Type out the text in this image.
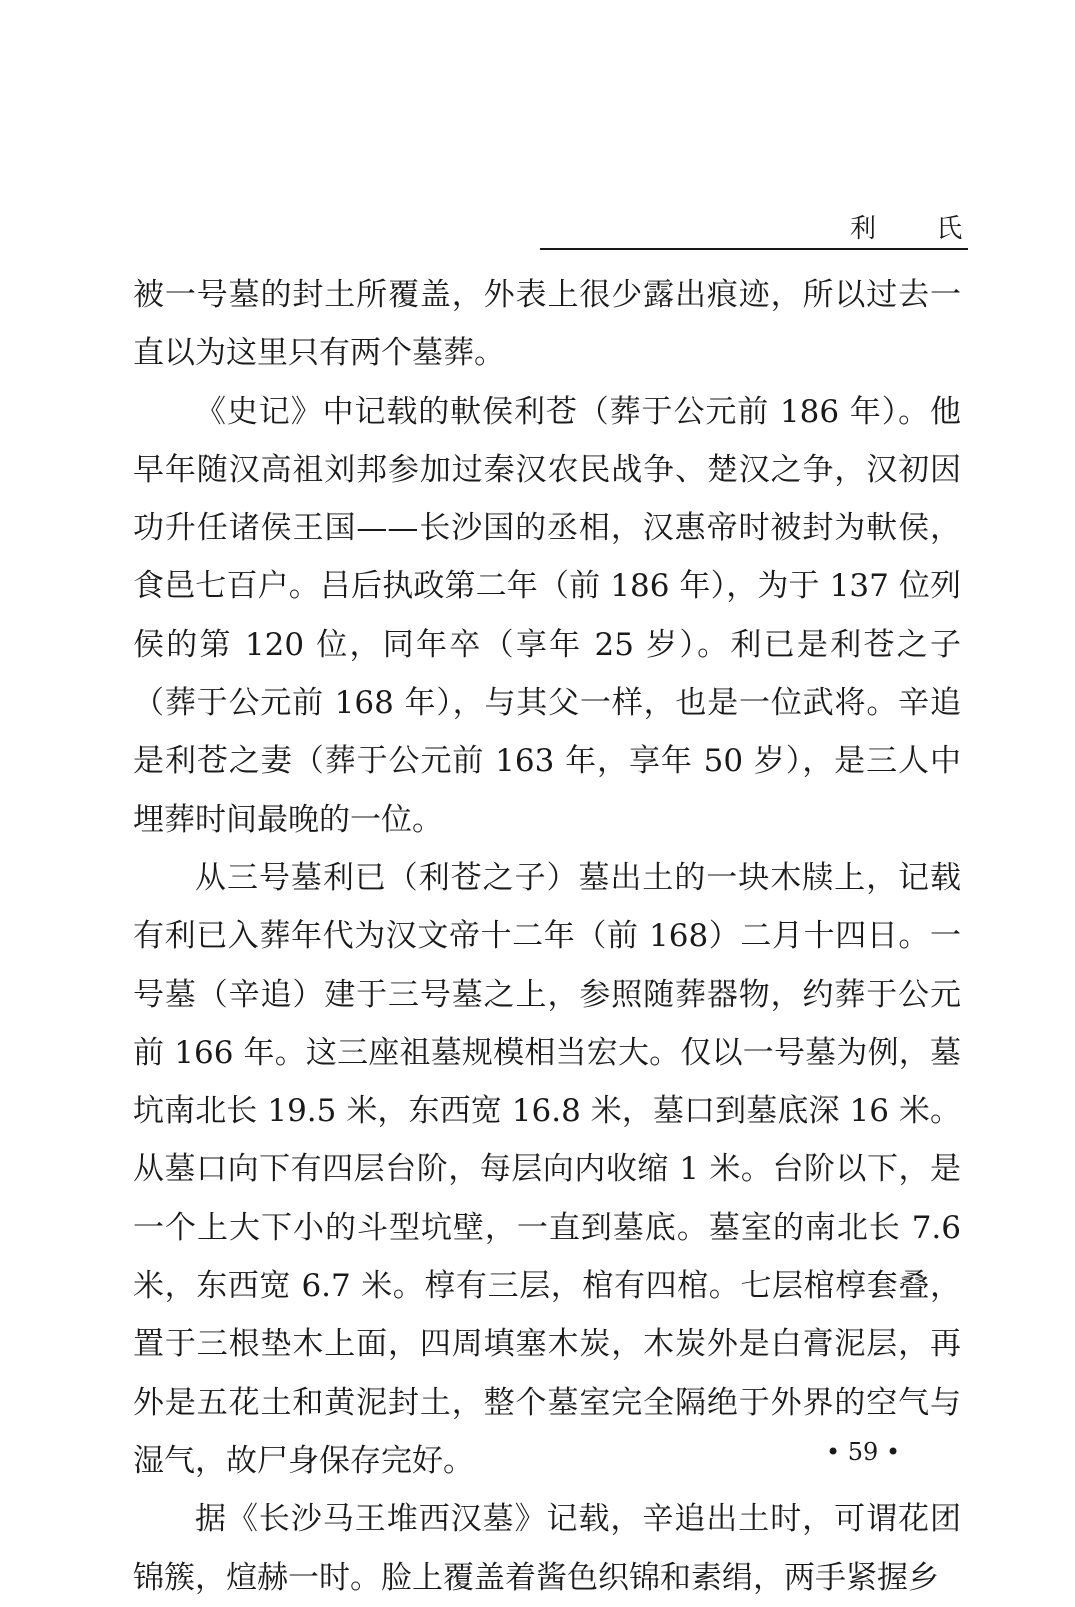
利 氏

被一号墓的封土所覆盖，外表上很少露出痕迹，所以过去一直以为这里只有两个墓葬。

《史记》中记载的軑侯利苍（葬于公元前 186 年）。他早年随汉高祖刘邦参加过秦汉农民战争、楚汉之争，汉初因功升任诸侯王国——长沙国的丞相，汉惠帝时被封为軑侯，食邑七百户。吕后执政第二年（前 186 年），为于 137 位列侯的第 120 位，同年卒（享年 25 岁）。利已是利苍之子（葬于公元前 168 年），与其父一样，也是一位武将。辛追是利苍之妻（葬于公元前 163 年，享年 50 岁），是三人中埋葬时间最晚的一位。

从三号墓利已（利苍之子）墓出土的一块木牍上，记载有利已入葬年代为汉文帝十二年（前 168）二月十四日。一号墓（辛追）建于三号墓之上，参照随葬器物，约葬于公元前 166 年。这三座祖墓规模相当宏大。仅以一号墓为例，墓坑南北长 19.5 米，东西宽 16.8 米，墓口到墓底深 16 米。从墓口向下有四层台阶，每层向内收缩 1 米。台阶以下，是一个上大下小的斗型坑壁，一直到墓底。墓室的南北长 7.6 米，东西宽 6.7 米。椁有三层，棺有四棺。七层棺椁套叠，置于三根垫木上面，四周填塞木炭，木炭外是白膏泥层，再外是五花土和黄泥封土，整个墓室完全隔绝于外界的空气与湿气，故尸身保存完好。

据《长沙马王堆西汉墓》记载，辛追出土时，可谓花团锦簇，煊赫一时。脸上覆盖着酱色织锦和素绢，两手紧握乡

• 59 •
